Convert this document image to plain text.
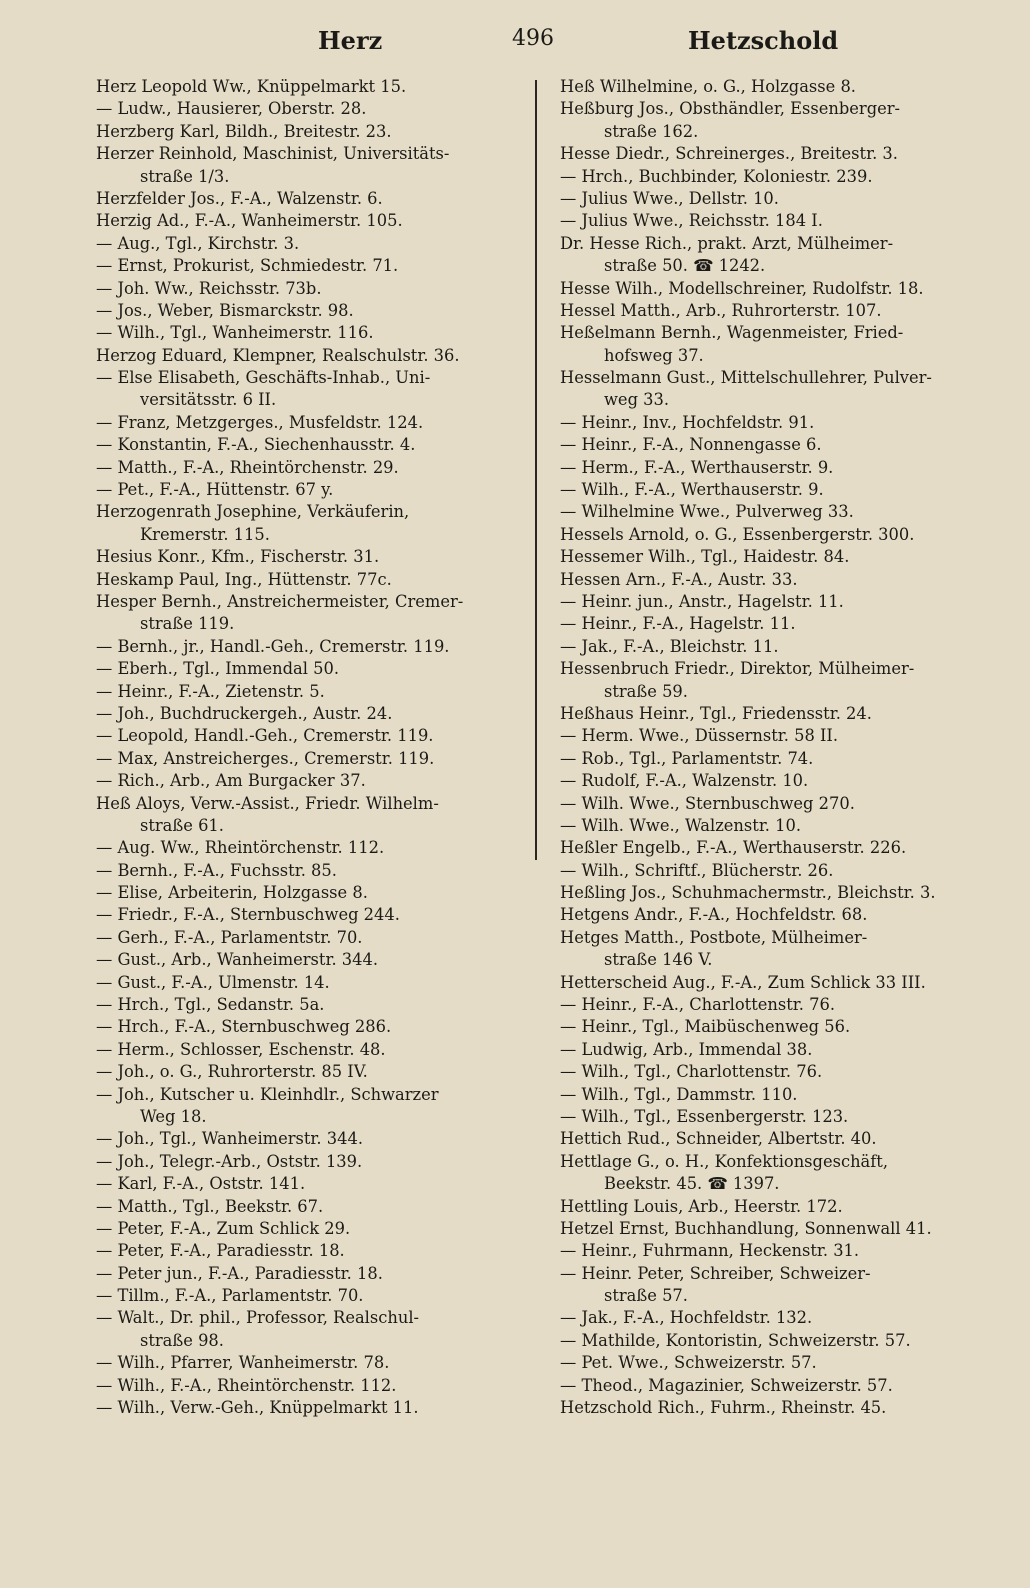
Herz	496	Hetzschold
Herz Leopold Ww., Knüppelmarkt 15.
— Ludw., Hausierer, Oberstr. 28.
Herzberg Karl, Bildh., Breitestr. 23.
Herzer Reinhold, Maschinist, Universitäts-
straße 1/3.
Herzfelder Jos., F.-A., Walzenstr. 6.
Herzig Ad., F.-A., Wanheimerstr. 105.
— Aug., Tgl., Kirchstr. 3.
— Ernst, Prokurist, Schmiedestr. 71.
— Joh. Ww., Reichsstr. 73b.
— Jos., Weber, Bismarckstr. 98.
— Wilh., Tgl., Wanheimerstr. 116.
Herzog Eduard, Klempner, Realschulstr. 36.
— Else Elisabeth, Geschäfts-Inhab., Uni-
versitätsstr. 6 II.
— Franz, Metzgerges., Musfeldstr. 124.
— Konstantin, F.-A., Siechenhausstr. 4.
— Matth., F.-A., Rheintörchenstr. 29.
— Pet., F.-A., Hüttenstr. 67 y.
Herzogenrath Josephine, Verkäuferin,
Kremerstr. 115.
Hesius Konr., Kfm., Fischerstr. 31.
Heskamp Paul, Ing., Hüttenstr. 77c.
Hesper Bernh., Anstreichermeister, Cremer-
straße 119.
— Bernh., jr., Handl.-Geh., Cremerstr. 119.
— Eberh., Tgl., Immendal 50.
— Heinr., F.-A., Zietenstr. 5.
— Joh., Buchdruckergeh., Austr. 24.
— Leopold, Handl.-Geh., Cremerstr. 119.
— Max, Anstreicherges., Cremerstr. 119.
— Rich., Arb., Am Burgacker 37.
Heß Aloys, Verw.-Assist., Friedr. Wilhelm-
straße 61.
— Aug. Ww., Rheintörchenstr. 112.
— Bernh., F.-A., Fuchsstr. 85.
— Elise, Arbeiterin, Holzgasse 8.
— Friedr., F.-A., Sternbuschweg 244.
— Gerh., F.-A., Parlamentstr. 70.
— Gust., Arb., Wanheimerstr. 344.
— Gust., F.-A., Ulmenstr. 14.
— Hrch., Tgl., Sedanstr. 5a.
— Hrch., F.-A., Sternbuschweg 286.
— Herm., Schlosser, Eschenstr. 48.
— Joh., o. G., Ruhrorterstr. 85 IV.
— Joh., Kutscher u. Kleinhdlr., Schwarzer
Weg 18.
— Joh., Tgl., Wanheimerstr. 344.
— Joh., Telegr.-Arb., Oststr. 139.
— Karl, F.-A., Oststr. 141.
— Matth., Tgl., Beekstr. 67.
— Peter, F.-A., Zum Schlick 29.
— Peter, F.-A., Paradiesstr. 18.
— Peter jun., F.-A., Paradiesstr. 18.
— Tillm., F.-A., Parlamentstr. 70.
— Walt., Dr. phil., Professor, Realschul-
straße 98.
— Wilh., Pfarrer, Wanheimerstr. 78.
— Wilh., F.-A., Rheintörchenstr. 112.
— Wilh., Verw.-Geh., Knüppelmarkt 11.
Heß Wilhelmine, o. G., Holzgasse 8.
Heßburg Jos., Obsthändler, Essenberger-
straße 162.
Hesse Diedr., Schreinerges., Breitestr. 3.
— Hrch., Buchbinder, Koloniestr. 239.
— Julius Wwe., Dellstr. 10.
— Julius Wwe., Reichsstr. 184 I.
Dr. Hesse Rich., prakt. Arzt, Mülheimer-
straße 50. ☎ 1242.
Hesse Wilh., Modellschreiner, Rudolfstr. 18.
Hessel Matth., Arb., Ruhrorterstr. 107.
Heßelmann Bernh., Wagenmeister, Fried-
hofsweg 37.
Hesselmann Gust., Mittelschullehrer, Pulver-
weg 33.
— Heinr., Inv., Hochfeldstr. 91.
— Heinr., F.-A., Nonnengasse 6.
— Herm., F.-A., Werthauserstr. 9.
— Wilh., F.-A., Werthauserstr. 9.
— Wilhelmine Wwe., Pulverweg 33.
Hessels Arnold, o. G., Essenbergerstr. 300.
Hessemer Wilh., Tgl., Haidestr. 84.
Hessen Arn., F.-A., Austr. 33.
— Heinr. jun., Anstr., Hagelstr. 11.
— Heinr., F.-A., Hagelstr. 11.
— Jak., F.-A., Bleichstr. 11.
Hessenbruch Friedr., Direktor, Mülheimer-
straße 59.
Heßhaus Heinr., Tgl., Friedensstr. 24.
— Herm. Wwe., Düssernstr. 58 II.
— Rob., Tgl., Parlamentstr. 74.
— Rudolf, F.-A., Walzenstr. 10.
— Wilh. Wwe., Sternbuschweg 270.
— Wilh. Wwe., Walzenstr. 10.
Heßler Engelb., F.-A., Werthauserstr. 226.
— Wilh., Schriftf., Blücherstr. 26.
Heßling Jos., Schuhmachermstr., Bleichstr. 3.
Hetgens Andr., F.-A., Hochfeldstr. 68.
Hetges Matth., Postbote, Mülheimer-
straße 146 V.
Hetterscheid Aug., F.-A., Zum Schlick 33 III.
— Heinr., F.-A., Charlottenstr. 76.
— Heinr., Tgl., Maibüschenweg 56.
— Ludwig, Arb., Immendal 38.
— Wilh., Tgl., Charlottenstr. 76.
— Wilh., Tgl., Dammstr. 110.
— Wilh., Tgl., Essenbergerstr. 123.
Hettich Rud., Schneider, Albertstr. 40.
Hettlage G., o. H., Konfektionsgeschäft,
Beekstr. 45. ☎ 1397.
Hettling Louis, Arb., Heerstr. 172.
Hetzel Ernst, Buchhandlung, Sonnenwall 41.
— Heinr., Fuhrmann, Heckenstr. 31.
— Heinr. Peter, Schreiber, Schweizer-
straße 57.
— Jak., F.-A., Hochfeldstr. 132.
— Mathilde, Kontoristin, Schweizerstr. 57.
— Pet. Wwe., Schweizerstr. 57.
— Theod., Magazinier, Schweizerstr. 57.
Hetzschold Rich., Fuhrm., Rheinstr. 45.
